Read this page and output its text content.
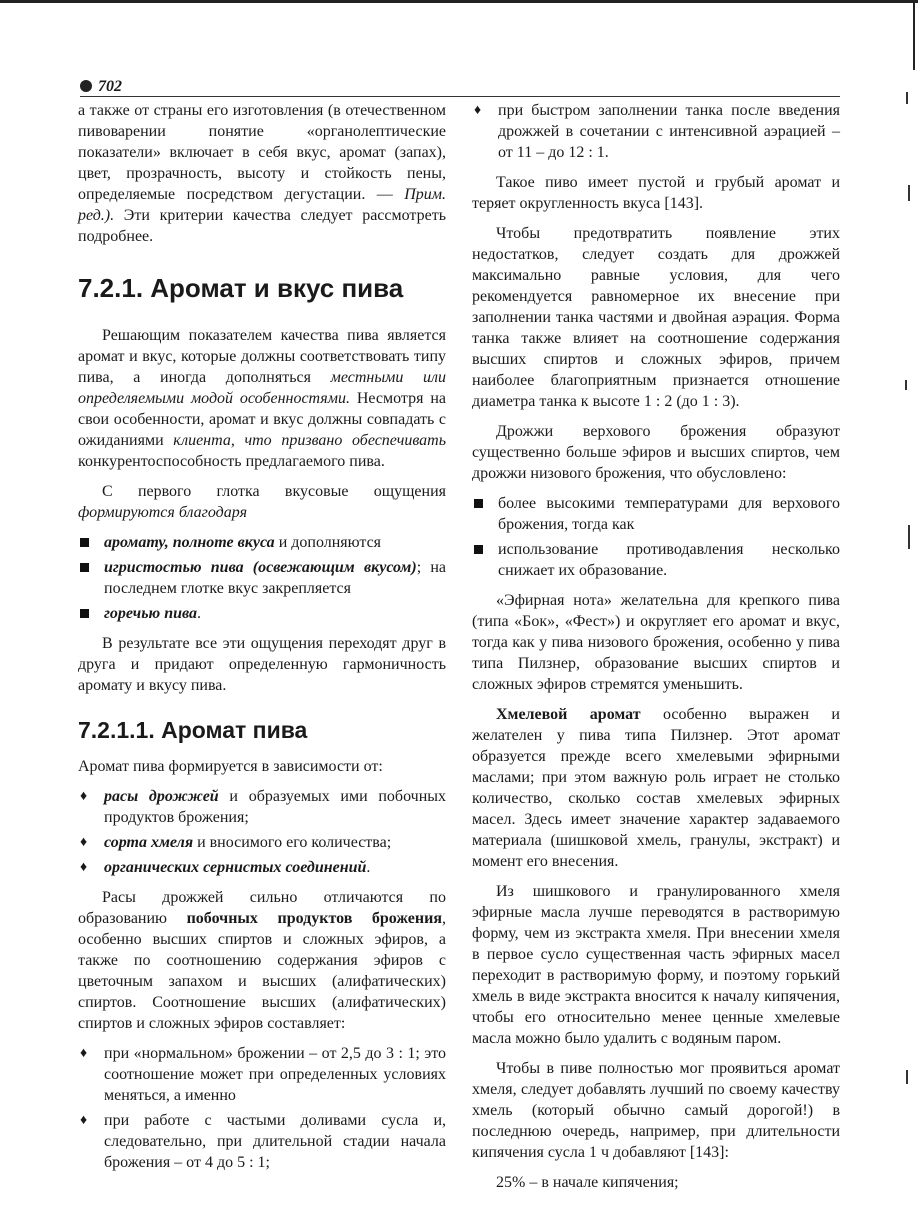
702

а также от страны его изготовления (в отечественном пивоварении понятие «органолептические показатели» включает в себя вкус, аромат (запах), цвет, прозрачность, высоту и стойкость пены, определяемые посредством дегустации. — Прим. ред.). Эти критерии качества следует рассмотреть подробнее.

7.2.1. Аромат и вкус пива

Решающим показателем качества пива является аромат и вкус, которые должны соответствовать типу пива, а иногда дополняться местными или определяемыми модой особенностями. Несмотря на свои особенности, аромат и вкус должны совпадать с ожиданиями клиента, что призвано обеспечивать конкурентоспособность предлагаемого пива.

С первого глотка вкусовые ощущения формируются благодаря

аромату, полноте вкуса и дополняются
игристостью пива (освежающим вкусом); на последнем глотке вкус закрепляется
горечью пива.

В результате все эти ощущения переходят друг в друга и придают определенную гармоничность аромату и вкусу пива.

7.2.1.1. Аромат пива

Аромат пива формируется в зависимости от:

♦ расы дрожжей и образуемых ими побочных продуктов брожения;
♦ сорта хмеля и вносимого его количества;
♦ органических сернистых соединений.

Расы дрожжей сильно отличаются по образованию побочных продуктов брожения, особенно высших спиртов и сложных эфиров, а также по соотношению содержания эфиров с цветочным запахом и высших (алифатических) спиртов. Соотношение высших (алифатических) спиртов и сложных эфиров составляет:

♦ при «нормальном» брожении – от 2,5 до 3 : 1; это соотношение может при определенных условиях меняться, а именно
♦ при работе с частыми доливами сусла и, следовательно, при длительной стадии начала брожения – от 4 до 5 : 1;
♦ при быстром заполнении танка после введения дрожжей в сочетании с интенсивной аэрацией – от 11 – до 12 : 1.

Такое пиво имеет пустой и грубый аромат и теряет округленность вкуса [143].

Чтобы предотвратить появление этих недостатков, следует создать для дрожжей максимально равные условия, для чего рекомендуется равномерное их внесение при заполнении танка частями и двойная аэрация. Форма танка также влияет на соотношение содержания высших спиртов и сложных эфиров, причем наиболее благоприятным признается отношение диаметра танка к высоте 1 : 2 (до 1 : 3).

Дрожжи верхового брожения образуют существенно больше эфиров и высших спиртов, чем дрожжи низового брожения, что обусловлено:

более высокими температурами для верхового брожения, тогда как
использование противодавления несколько снижает их образование.

«Эфирная нота» желательна для крепкого пива (типа «Бок», «Фест») и округляет его аромат и вкус, тогда как у пива низового брожения, особенно у пива типа Пилзнер, образование высших спиртов и сложных эфиров стремятся уменьшить.

Хмелевой аромат особенно выражен и желателен у пива типа Пилзнер. Этот аромат образуется прежде всего хмелевыми эфирными маслами; при этом важную роль играет не столько количество, сколько состав хмелевых эфирных масел. Здесь имеет значение характер задаваемого материала (шишковой хмель, гранулы, экстракт) и момент его внесения.

Из шишкового и гранулированного хмеля эфирные масла лучше переводятся в растворимую форму, чем из экстракта хмеля. При внесении хмеля в первое сусло существенная часть эфирных масел переходит в растворимую форму, и поэтому горький хмель в виде экстракта вносится к началу кипячения, чтобы его относительно менее ценные хмелевые масла можно было удалить с водяным паром.

Чтобы в пиве полностью мог проявиться аромат хмеля, следует добавлять лучший по своему качеству хмель (который обычно самый дорогой!) в последнюю очередь, например, при длительности кипячения сусла 1 ч добавляют [143]:

25% – в начале кипячения;
